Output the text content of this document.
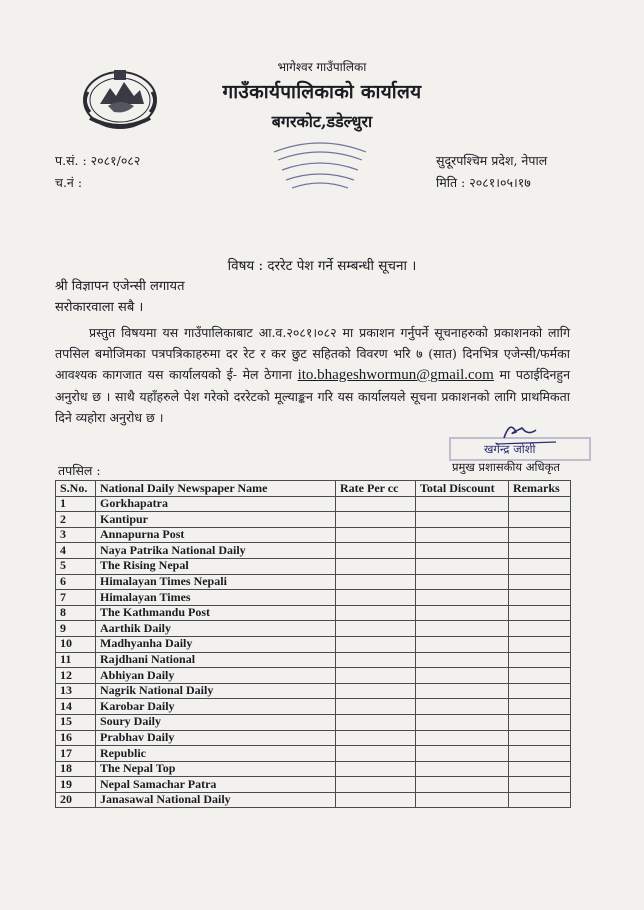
भागेश्वर गाउँपालिका
गाउँकार्यपालिकाको कार्यालय
बगरकोट,डडेल्धुरा
प.सं. : २०८१/०८२
च.नं :
सुदूरपश्चिम प्रदेश, नेपाल
मिति : २०८१।०५।१७
विषय : दररेट पेश गर्ने सम्बन्धी सूचना ।
श्री विज्ञापन एजेन्सी लगायत
सरोकारवाला सबै ।
प्रस्तुत विषयमा यस गाउँपालिकाबाट आ.व.२०८१।०८२ मा प्रकाशन गर्नुपर्ने सूचनाहरुको प्रकाशनको लागि तपसिल बमोजिमका पत्रपत्रिकाहरुमा दर रेट र कर छुट सहितको विवरण भरि ७ (सात) दिनभित्र एजेन्सी/फर्मका आवश्यक कागजात यस कार्यालयको ई- मेल ठेगाना ito.bhageshwormun@gmail.com मा पठाईदिनहुन अनुरोध छ । साथै यहाँहरुले पेश गरेको दररेटको मूल्याङ्कन गरि यस कार्यालयले सूचना प्रकाशनको लागि प्राथमिकता दिने व्यहोरा अनुरोध छ ।
खगेन्द्र जोशी
प्रमुख प्रशासकीय अधिकृत
तपसिल :
S.No.	National Daily Newspaper Name	Rate Per cc	Total Discount	Remarks
1	Gorkhapatra			
2	Kantipur			
3	Annapurna Post			
4	Naya Patrika National Daily			
5	The Rising Nepal			
6	Himalayan Times Nepali			
7	Himalayan Times			
8	The Kathmandu Post			
9	Aarthik Daily			
10	Madhyanha Daily			
11	Rajdhani National			
12	Abhiyan Daily			
13	Nagrik National Daily			
14	Karobar Daily			
15	Soury Daily			
16	Prabhav Daily			
17	Republic			
18	The Nepal Top			
19	Nepal Samachar Patra			
20	Janasawal National Daily			
